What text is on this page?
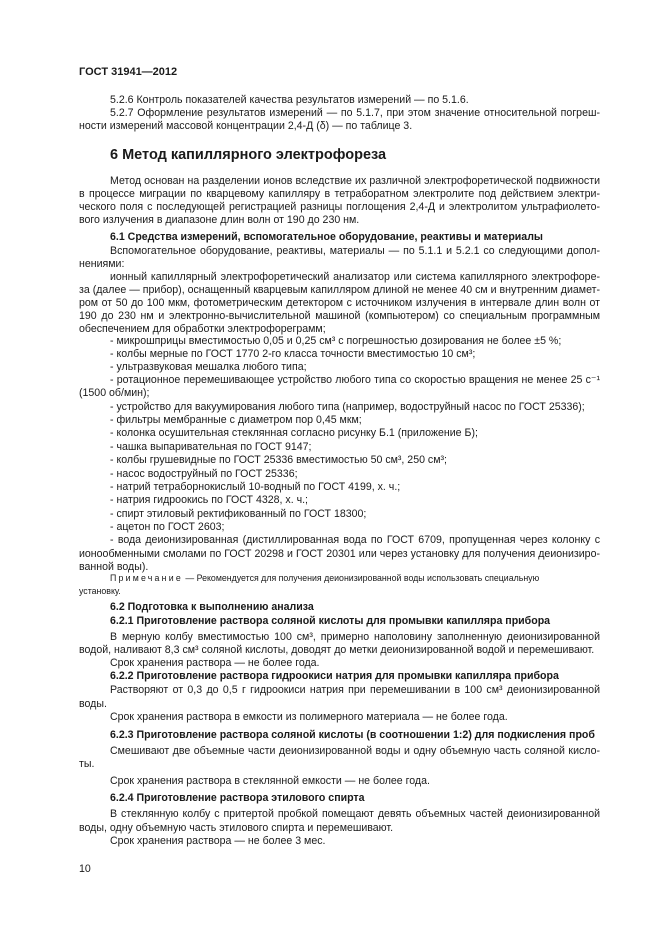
ГОСТ 31941—2012
5.2.6 Контроль показателей качества результатов измерений — по 5.1.6.
5.2.7 Оформление результатов измерений — по 5.1.7, при этом значение относительной погреш-
ности измерений массовой концентрации 2,4-Д (δ) — по таблице 3.
6 Метод капиллярного электрофореза
Метод основан на разделении ионов вследствие их различной электрофоретической подвижности
в процессе миграции по кварцевому капилляру в тетраборатном электролите под действием электри-
ческого поля с последующей регистрацией разницы поглощения 2,4-Д и электролитом ультрафиолето-
вого излучения в диапазоне длин волн от 190 до 230 нм.
6.1 Средства измерений, вспомогательное оборудование, реактивы и материалы
Вспомогательное оборудование, реактивы, материалы — по 5.1.1 и 5.2.1 со следующими допол-
нениями:
ионный капиллярный электрофоретический анализатор или система капиллярного электрофоре-
за (далее — прибор), оснащенный кварцевым капилляром длиной не менее 40 см и внутренним диамет-
ром от 50 до 100 мкм, фотометрическим детектором с источником излучения в интервале длин волн от
190 до 230 нм и электронно-вычислительной машиной (компьютером) со специальным программным
обеспечением для обработки электрофореграмм;
- микрошприцы вместимостью 0,05 и 0,25 см³ с погрешностью дозирования не более ±5 %;
- колбы мерные по ГОСТ 1770 2-го класса точности вместимостью 10 см³;
- ультразвуковая мешалка любого типа;
- ротационное перемешивающее устройство любого типа со скоростью вращения не менее 25 с⁻¹
(1500 об/мин);
- устройство для вакуумирования любого типа (например, водоструйный насос по ГОСТ 25336);
- фильтры мембранные с диаметром пор 0,45 мкм;
- колонка осушительная стеклянная согласно рисунку Б.1 (приложение Б);
- чашка выпаривательная по ГОСТ 9147;
- колбы грушевидные по ГОСТ 25336 вместимостью 50 см³, 250 см³;
- насос водоструйный по ГОСТ 25336;
- натрий тетраборнокислый 10-водный по ГОСТ 4199, х. ч.;
- натрия гидроокись по ГОСТ 4328, х. ч.;
- спирт этиловый ректификованный по ГОСТ 18300;
- ацетон по ГОСТ 2603;
- вода деионизированная (дистиллированная вода по ГОСТ 6709, пропущенная через колонку с
ионообменными смолами по ГОСТ 20298 и ГОСТ 20301 или через установку для получения деионизиро-
ванной воды).
Примечание — Рекомендуется для получения деионизированной воды использовать специальную
установку.
6.2 Подготовка к выполнению анализа
6.2.1 Приготовление раствора соляной кислоты для промывки капилляра прибора
В мерную колбу вместимостью 100 см³, примерно наполовину заполненную деионизированной
водой, наливают 8,3 см³ соляной кислоты, доводят до метки деионизированной водой и перемешивают.
Срок хранения раствора — не более года.
6.2.2 Приготовление раствора гидроокиси натрия для промывки капилляра прибора
Растворяют от 0,3 до 0,5 г гидроокиси натрия при перемешивании в 100 см³ деионизированной
воды.
Срок хранения раствора в емкости из полимерного материала — не более года.
6.2.3 Приготовление раствора соляной кислоты (в соотношении 1:2) для подкисления проб
Смешивают две объемные части деионизированной воды и одну объемную часть соляной кисло-
ты.
Срок хранения раствора в стеклянной емкости — не более года.
6.2.4 Приготовление раствора этилового спирта
В стеклянную колбу с притертой пробкой помещают девять объемных частей деионизированной
воды, одну объемную часть этилового спирта и перемешивают.
Срок хранения раствора — не более 3 мес.
10
